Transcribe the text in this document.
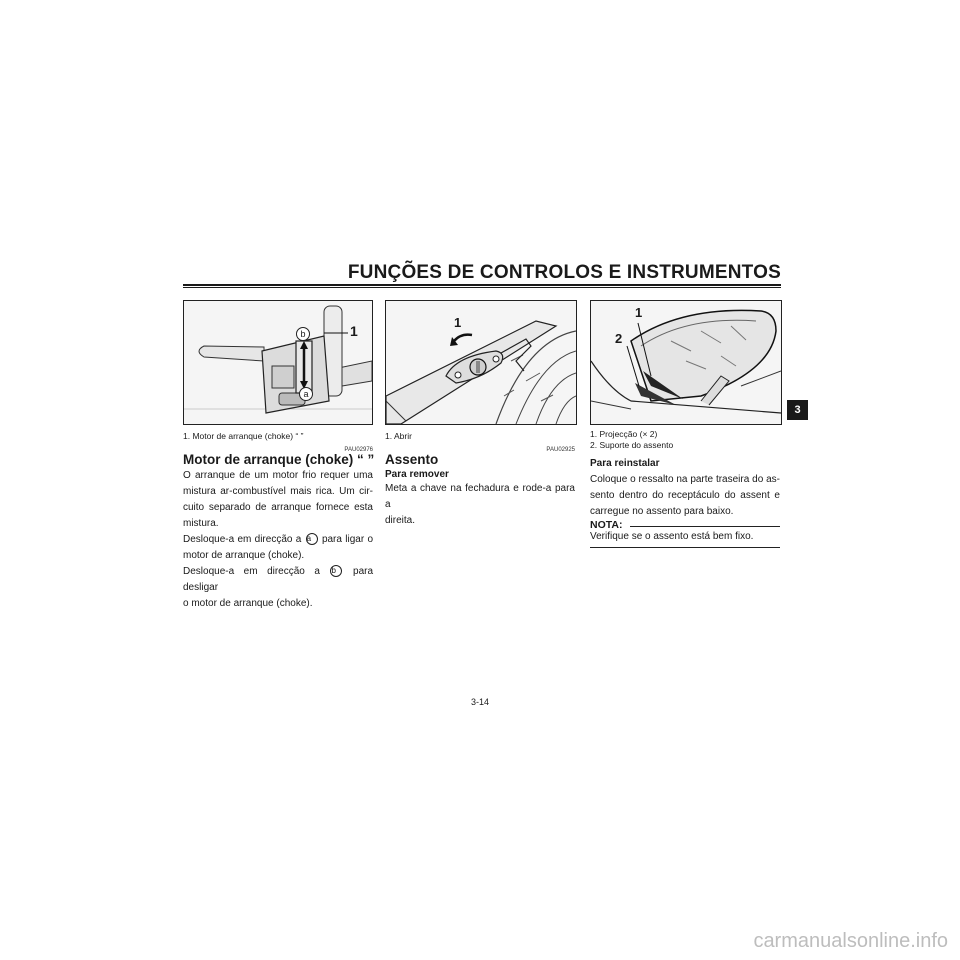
FUNÇÕES DE CONTROLOS E INSTRUMENTOS
b
a
1
1
1
2
1. Motor de arranque (choke) “ ”
PAU02976
Motor de arranque (choke) “ ”

O arranque de um motor frio requer uma

mistura ar-combustível mais rica. Um cir-

cuito separado de arranque fornece esta

mistura.

Desloque-a em direcção a a para ligar o

motor de arranque (choke).

Desloque-a em direcção a b para desligar

o motor de arranque (choke).

1. Abrir
PAU02925
Assento
Para remover

Meta a chave na fechadura e rode-a para a

direita.

1. Projecção (× 2)
2. Suporte do assento
Para reinstalar

Coloque o ressalto na parte traseira do as-

sento dentro do receptáculo do assent e

carregue no assento para baixo.

NOTA:
Verifique se o assento está bem fixo.
3
3-14
carmanualsonline.info
